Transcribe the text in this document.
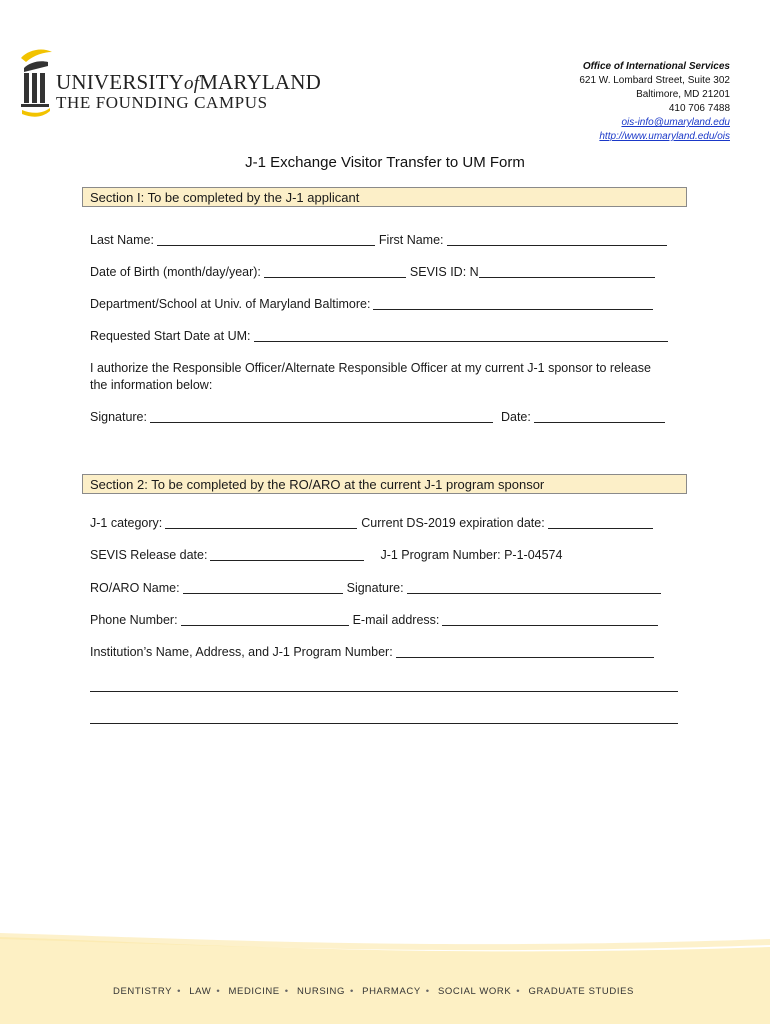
UNIVERSITYofMARYLAND
THE FOUNDING CAMPUS
Office of International Services
621 W. Lombard Street, Suite 302
Baltimore, MD 21201
410 706 7488
ois-info@umaryland.edu
http://www.umaryland.edu/ois
J-1 Exchange Visitor Transfer to UM Form
Section I: To be completed by the J-1 applicant
Last Name:	First Name:
Date of Birth (month/day/year):	SEVIS ID: N
Department/School at Univ. of Maryland Baltimore:
Requested Start Date at UM:
I authorize the Responsible Officer/Alternate Responsible Officer at my current J-1 sponsor to release the information below:
Signature:	Date:
Section 2: To be completed by the RO/ARO at the current J-1 program sponsor
J-1 category:	Current DS-2019 expiration date:
SEVIS Release date:	J-1 Program Number: P-1-04574
RO/ARO Name:	Signature:
Phone Number:	E-mail address:
Institution’s Name, Address, and J-1 Program Number:
DENTISTRY • LAW • MEDICINE • NURSING • PHARMACY • SOCIAL WORK • GRADUATE STUDIES
